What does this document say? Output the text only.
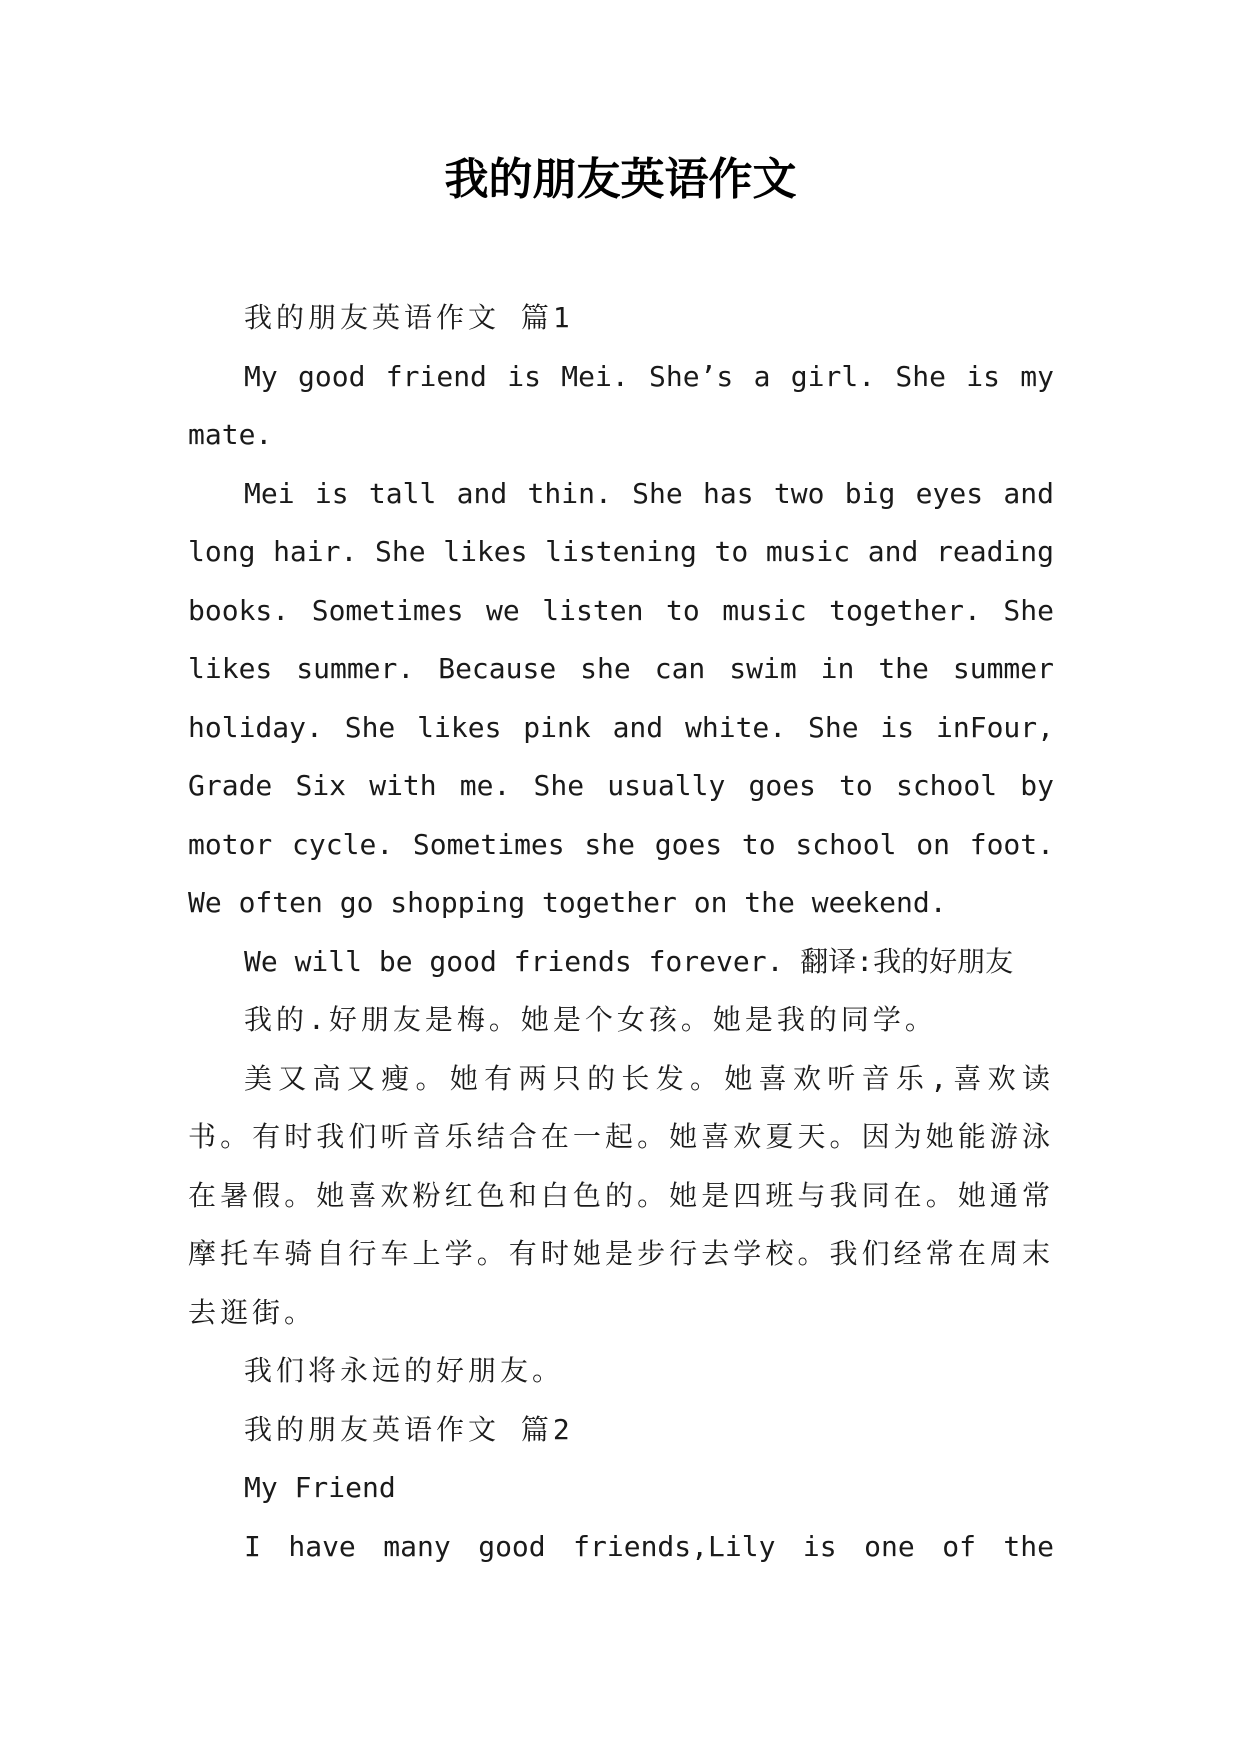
我的朋友英语作文

我的朋友英语作文 篇1

My good friend is Mei. She’s a girl. She is my mate.

Mei is tall and thin. She has two big eyes and long hair. She likes listening to music and reading books. Sometimes we listen to music together. She likes summer. Because she can swim in the summer holiday. She likes pink and white. She is inFour, Grade Six with me. She usually goes to school by motor cycle. Sometimes she goes to school on foot. We often go shopping together on the weekend.

We will be good friends forever. 翻译:我的好朋友

我的.好朋友是梅。她是个女孩。她是我的同学。

美又高又瘦。她有两只的长发。她喜欢听音乐,喜欢读书。有时我们听音乐结合在一起。她喜欢夏天。因为她能游泳在暑假。她喜欢粉红色和白色的。她是四班与我同在。她通常摩托车骑自行车上学。有时她是步行去学校。我们经常在周末去逛街。

我们将永远的好朋友。

我的朋友英语作文 篇2

My Friend

I have many good friends,Lily is one of the
